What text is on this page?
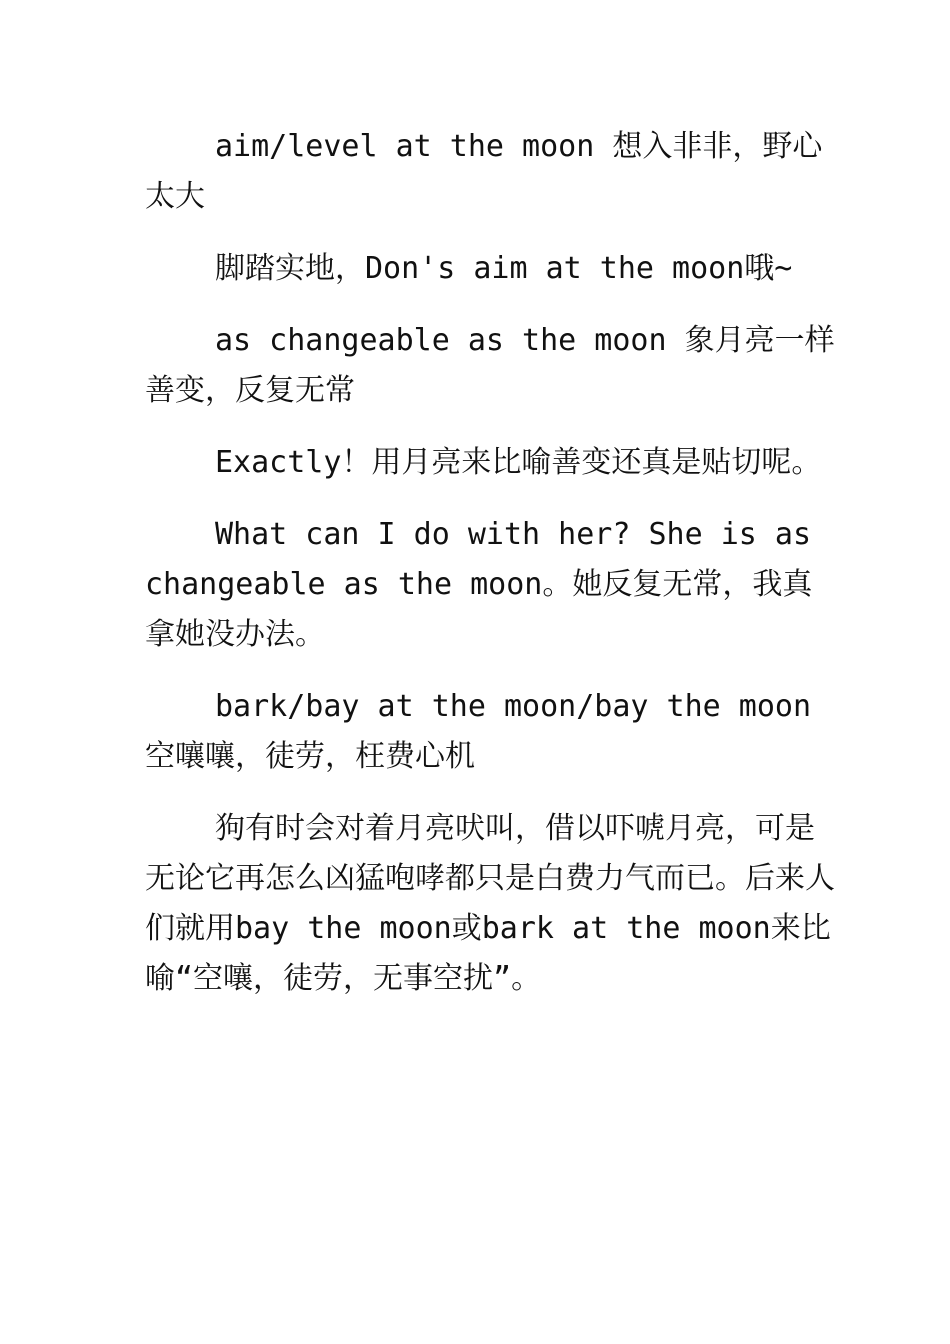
aim/level at the moon 想入非非，野心太大

脚踏实地，Don's aim at the moon哦~

as changeable as the moon 象月亮一样善变，反复无常

Exactly！用月亮来比喻善变还真是贴切呢。

What can I do with her? She is as changeable as the moon。她反复无常，我真拿她没办法。

bark/bay at the moon/bay the moon 空嚷嚷，徒劳，枉费心机

狗有时会对着月亮吠叫，借以吓唬月亮，可是无论它再怎么凶猛咆哮都只是白费力气而已。后来人们就用bay the moon或bark at the moon来比喻“空嚷，徒劳，无事空扰”。
